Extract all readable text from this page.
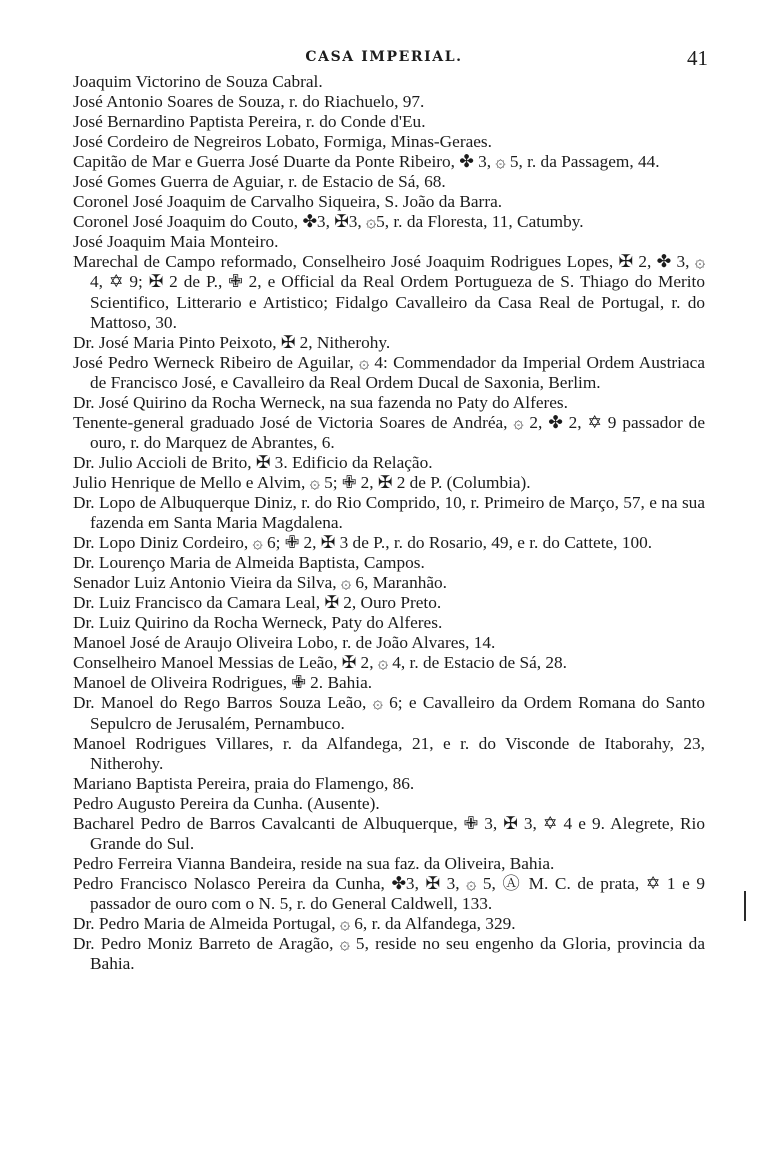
CASA IMPERIAL.	41
Joaquim Victorino de Souza Cabral.
José Antonio Soares de Souza, r. do Riachuelo, 97.
José Bernardino Paptista Pereira, r. do Conde d'Eu.
José Cordeiro de Negreiros Lobato, Formiga, Minas-Geraes.
Capitão de Mar e Guerra José Duarte da Ponte Ribeiro, ✤ 3, ۞ 5, r. da Passagem, 44.
José Gomes Guerra de Aguiar, r. de Estacio de Sá, 68.
Coronel José Joaquim de Carvalho Siqueira, S. João da Barra.
Coronel José Joaquim do Couto, ✤3, ✠3, ۞5, r. da Floresta, 11, Catumby.
José Joaquim Maia Monteiro.
Marechal de Campo reformado, Conselheiro José Joaquim Rodrigues Lopes, ✠ 2, ✤ 3, ۞ 4, ✡ 9; ✠ 2 de P., ✙ 2, e Official da Real Ordem Portugueza de S. Thiago do Merito Scientifico, Litterario e Artistico; Fidalgo Cavalleiro da Casa Real de Portugal, r. do Mattoso, 30.
Dr. José Maria Pinto Peixoto, ✠ 2, Nitherohy.
José Pedro Werneck Ribeiro de Aguilar, ۞ 4: Commendador da Imperial Ordem Austriaca de Francisco José, e Cavalleiro da Real Ordem Ducal de Saxonia, Berlim.
Dr. José Quirino da Rocha Werneck, na sua fazenda no Paty do Alferes.
Tenente-general graduado José de Victoria Soares de Andréa, ۞ 2, ✤ 2, ✡ 9 passador de ouro, r. do Marquez de Abrantes, 6.
Dr. Julio Accioli de Brito, ✠ 3. Edificio da Relação.
Julio Henrique de Mello e Alvim, ۞ 5; ✙ 2, ✠ 2 de P. (Columbia).
Dr. Lopo de Albuquerque Diniz, r. do Rio Comprido, 10, r. Primeiro de Março, 57, e na sua fazenda em Santa Maria Magdalena.
Dr. Lopo Diniz Cordeiro, ۞ 6; ✙ 2, ✠ 3 de P., r. do Rosario, 49, e r. do Cattete, 100.
Dr. Lourenço Maria de Almeida Baptista, Campos.
Senador Luiz Antonio Vieira da Silva, ۞ 6, Maranhão.
Dr. Luiz Francisco da Camara Leal, ✠ 2, Ouro Preto.
Dr. Luiz Quirino da Rocha Werneck, Paty do Alferes.
Manoel José de Araujo Oliveira Lobo, r. de João Alvares, 14.
Conselheiro Manoel Messias de Leão, ✠ 2, ۞ 4, r. de Estacio de Sá, 28.
Manoel de Oliveira Rodrigues, ✙ 2. Bahia.
Dr. Manoel do Rego Barros Souza Leão, ۞ 6; e Cavalleiro da Ordem Romana do Santo Sepulcro de Jerusalém, Pernambuco.
Manoel Rodrigues Villares, r. da Alfandega, 21, e r. do Visconde de Itaborahy, 23, Nitherohy.
Mariano Baptista Pereira, praia do Flamengo, 86.
Pedro Augusto Pereira da Cunha. (Ausente).
Bacharel Pedro de Barros Cavalcanti de Albuquerque, ✙ 3, ✠ 3, ✡ 4 e 9. Alegrete, Rio Grande do Sul.
Pedro Ferreira Vianna Bandeira, reside na sua faz. da Oliveira, Bahia.
Pedro Francisco Nolasco Pereira da Cunha, ✤3, ✠ 3, ۞ 5, Ⓐ M. C. de prata, ✡ 1 e 9 passador de ouro com o N. 5, r. do General Caldwell, 133.
Dr. Pedro Maria de Almeida Portugal, ۞ 6, r. da Alfandega, 329.
Dr. Pedro Moniz Barreto de Aragão, ۞ 5, reside no seu engenho da Gloria, provincia da Bahia.
